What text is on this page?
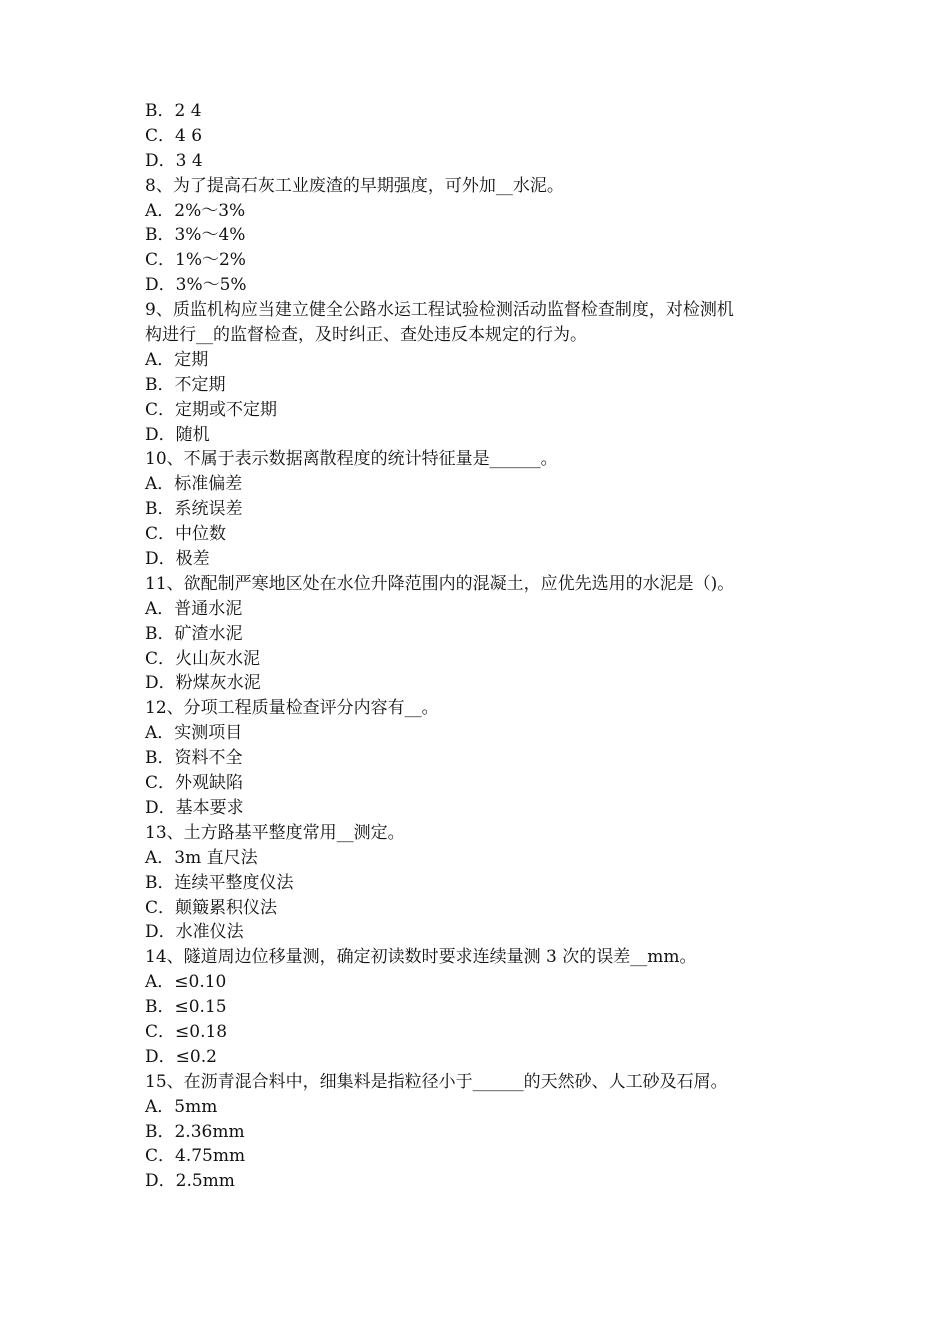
B．2 4
C．4 6
D．3 4
8、为了提高石灰工业废渣的早期强度，可外加__水泥。
A．2%～3%
B．3%～4%
C．1%～2%
D．3%～5%
9、质监机构应当建立健全公路水运工程试验检测活动监督检查制度，对检测机
构进行__的监督检查，及时纠正、查处违反本规定的行为。
A．定期
B．不定期
C．定期或不定期
D．随机
10、不属于表示数据离散程度的统计特征量是______。
A．标准偏差
B．系统误差
C．中位数
D．极差
11、欲配制严寒地区处在水位升降范围内的混凝土，应优先选用的水泥是（)。
A．普通水泥
B．矿渣水泥
C．火山灰水泥
D．粉煤灰水泥
12、分项工程质量检查评分内容有__。
A．实测项目
B．资料不全
C．外观缺陷
D．基本要求
13、土方路基平整度常用__测定。
A．3m 直尺法
B．连续平整度仪法
C．颠簸累积仪法
D．水准仪法
14、隧道周边位移量测，确定初读数时要求连续量测 3 次的误差__mm。
A．≤0.10
B．≤0.15
C．≤0.18
D．≤0.2
15、在沥青混合料中，细集料是指粒径小于______的天然砂、人工砂及石屑。
A．5mm
B．2.36mm
C．4.75mm
D．2.5mm
